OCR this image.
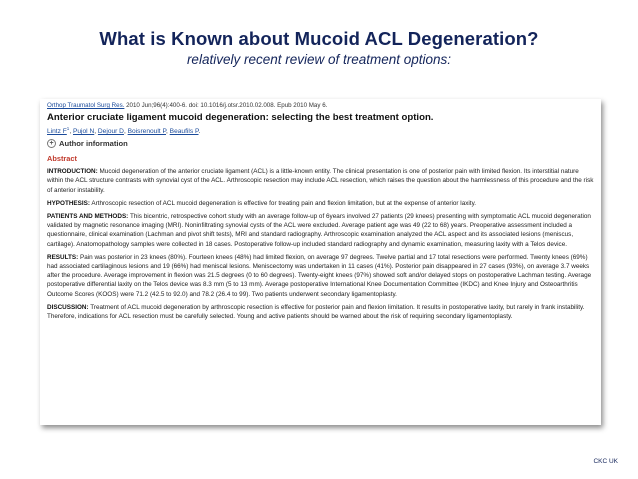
What is Known about Mucoid ACL Degeneration?
relatively recent review of treatment options:
Orthop Traumatol Surg Res. 2010 Jun;96(4):400-6. doi: 10.1016/j.otsr.2010.02.008. Epub 2010 May 6.
Anterior cruciate ligament mucoid degeneration: selecting the best treatment option.
Lintz $F^1$, Pujol N, Dejour D, Boisrenoult P, Beaufils P.
+ Author information
Abstract
INTRODUCTION: Mucoid degeneration of the anterior cruciate ligament (ACL) is a little-known entity. The clinical presentation is one of posterior pain with limited flexion. Its interstitial nature within the ACL structure contrasts with synovial cyst of the ACL. Arthroscopic resection may include ACL resection, which raises the question about the harmlessness of this procedure and the risk of anterior instability.
HYPOTHESIS: Arthroscopic resection of ACL mucoid degeneration is effective for treating pain and flexion limitation, but at the expense of anterior laxity.
PATIENTS AND METHODS: This bicentric, retrospective cohort study with an average follow-up of 6years involved 27 patients (29 knees) presenting with symptomatic ACL mucoid degeneration validated by magnetic resonance imaging (MRI). Noninfiltrating synovial cysts of the ACL were excluded. Average patient age was 49 (22 to 68) years. Preoperative assessment included a questionnaire, clinical examination (Lachman and pivot shift tests), MRI and standard radiography. Arthroscopic examination analyzed the ACL aspect and its associated lesions (meniscus, cartilage). Anatomopathology samples were collected in 18 cases. Postoperative follow-up included standard radiography and dynamic examination, measuring laxity with a Telos device.
RESULTS: Pain was posterior in 23 knees (80%). Fourteen knees (48%) had limited flexion, on average 97 degrees. Twelve partial and 17 total resections were performed. Twenty knees (69%) had associated cartilaginous lesions and 19 (66%) had meniscal lesions. Meniscectomy was undertaken in 11 cases (41%). Posterior pain disappeared in 27 cases (93%), on average 3.7 weeks after the procedure. Average improvement in flexion was 21.5 degrees (0 to 60 degrees). Twenty-eight knees (97%) showed soft and/or delayed stops on postoperative Lachman testing. Average postoperative differential laxity on the Telos device was 8.3 mm (5 to 13 mm). Average postoperative International Knee Documentation Committee (IKDC) and Knee Injury and Osteoarthritis Outcome Scores (KOOS) were 71.2 (42.5 to 92.0) and 78.2 (26.4 to 99). Two patients underwent secondary ligamentoplasty.
DISCUSSION: Treatment of ACL mucoid degeneration by arthroscopic resection is effective for posterior pain and flexion limitation. It results in postoperative laxity, but rarely in frank instability. Therefore, indications for ACL resection must be carefully selected. Young and active patients should be warned about the risk of requiring secondary ligamentoplasty.
CKC UK
